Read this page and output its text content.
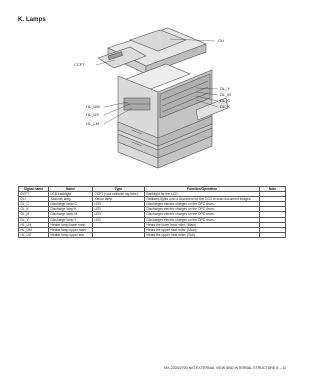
K. Lamps
CLI
CCFT
DL_Y
DL_M
DL_C
DL_K
HL_UM
HL_US
HL_LM
Signal name	Name	Type	Function/Operation	Note
CCFT	LCD backlight	CCFT (cool cathode ray tube)	Backlight for the LCD.	
CLI	Scanner lamp	Xenon lamp	Radiates lights onto a document for the CCD to scan document images.	
DL_C	Discharge lamp C	LED	Discharges electric charges on the OPC drum.	
DL_K	Discharge lamp K	LED	Discharges electric charges on the OPC drum.	
DL_M	Discharge lamp M	LED	Discharges electric charges on the OPC drum.	
DL_Y	Discharge lamp Y	LED	Discharges electric charges on the OPC drum.	
HL_LM	Heater lamp lower main		Heats the lower heat roller. (Main)	
HL_UM	Heater lamp upper main		Heats the upper heat roller. (Main)	
HL_US	Heater lamp upper sub		Heats the upper heat roller. (Sub)	
MX-2300/2700 N/G EXTERNAL VIEW AND INTERNAL STRUCTURE 5 – 11
